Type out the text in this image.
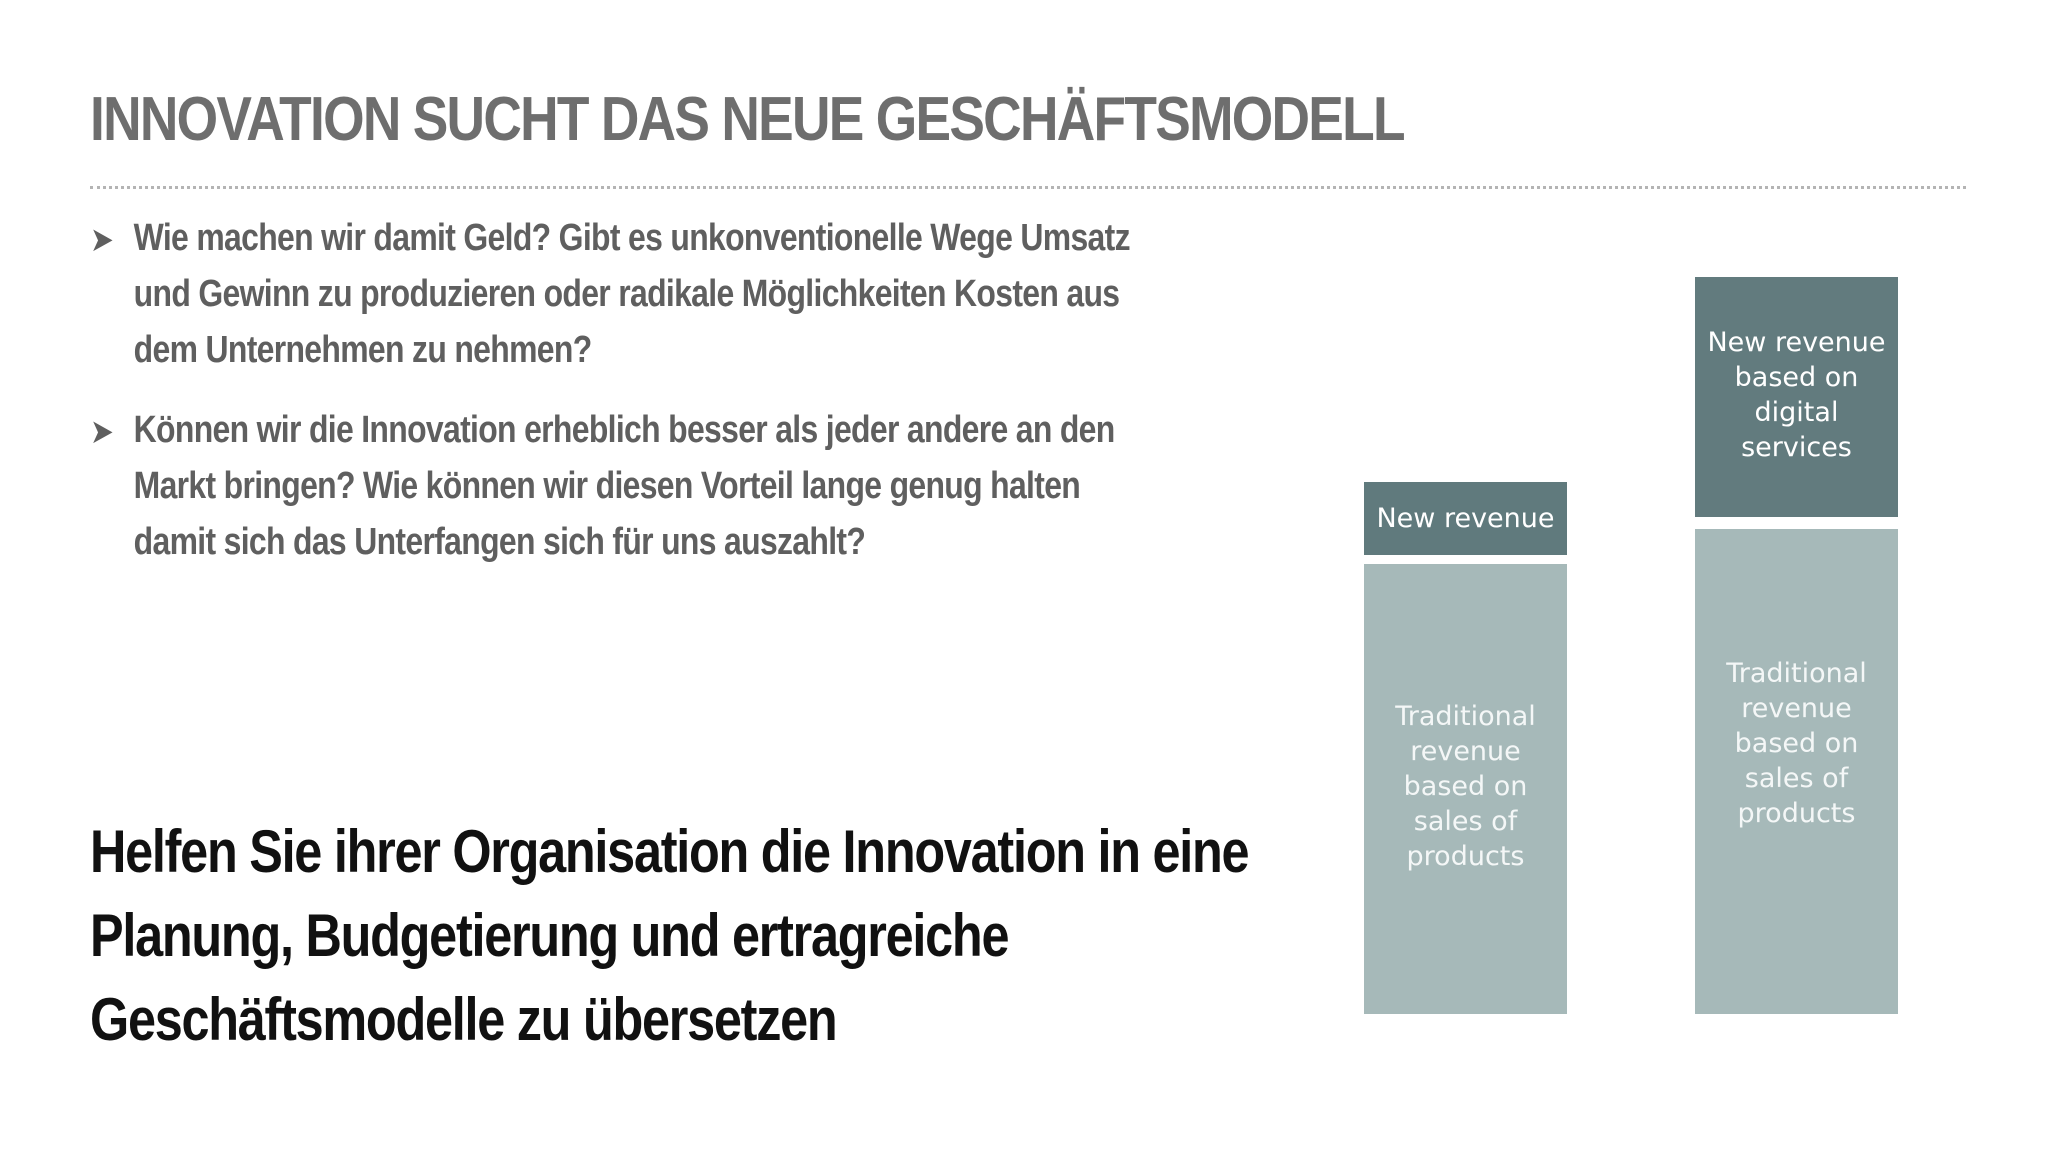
INNOVATION SUCHT DAS NEUE GESCHÄFTSMODELL
➤ Wie machen wir damit Geld? Gibt es unkonventionelle Wege Umsatz und Gewinn zu produzieren oder radikale Möglichkeiten Kosten aus dem Unternehmen zu nehmen?
➤ Können wir die Innovation erheblich besser als jeder andere an den Markt bringen? Wie können wir diesen Vorteil lange genug halten damit sich das Unterfangen sich für uns auszahlt?

Helfen Sie ihrer Organisation die Innovation in eine Planung, Budgetierung und ertragreiche Geschäftsmodelle zu übersetzen

New revenue
Traditional revenue based on sales of products
New revenue based on digital services
Traditional revenue based on sales of products
